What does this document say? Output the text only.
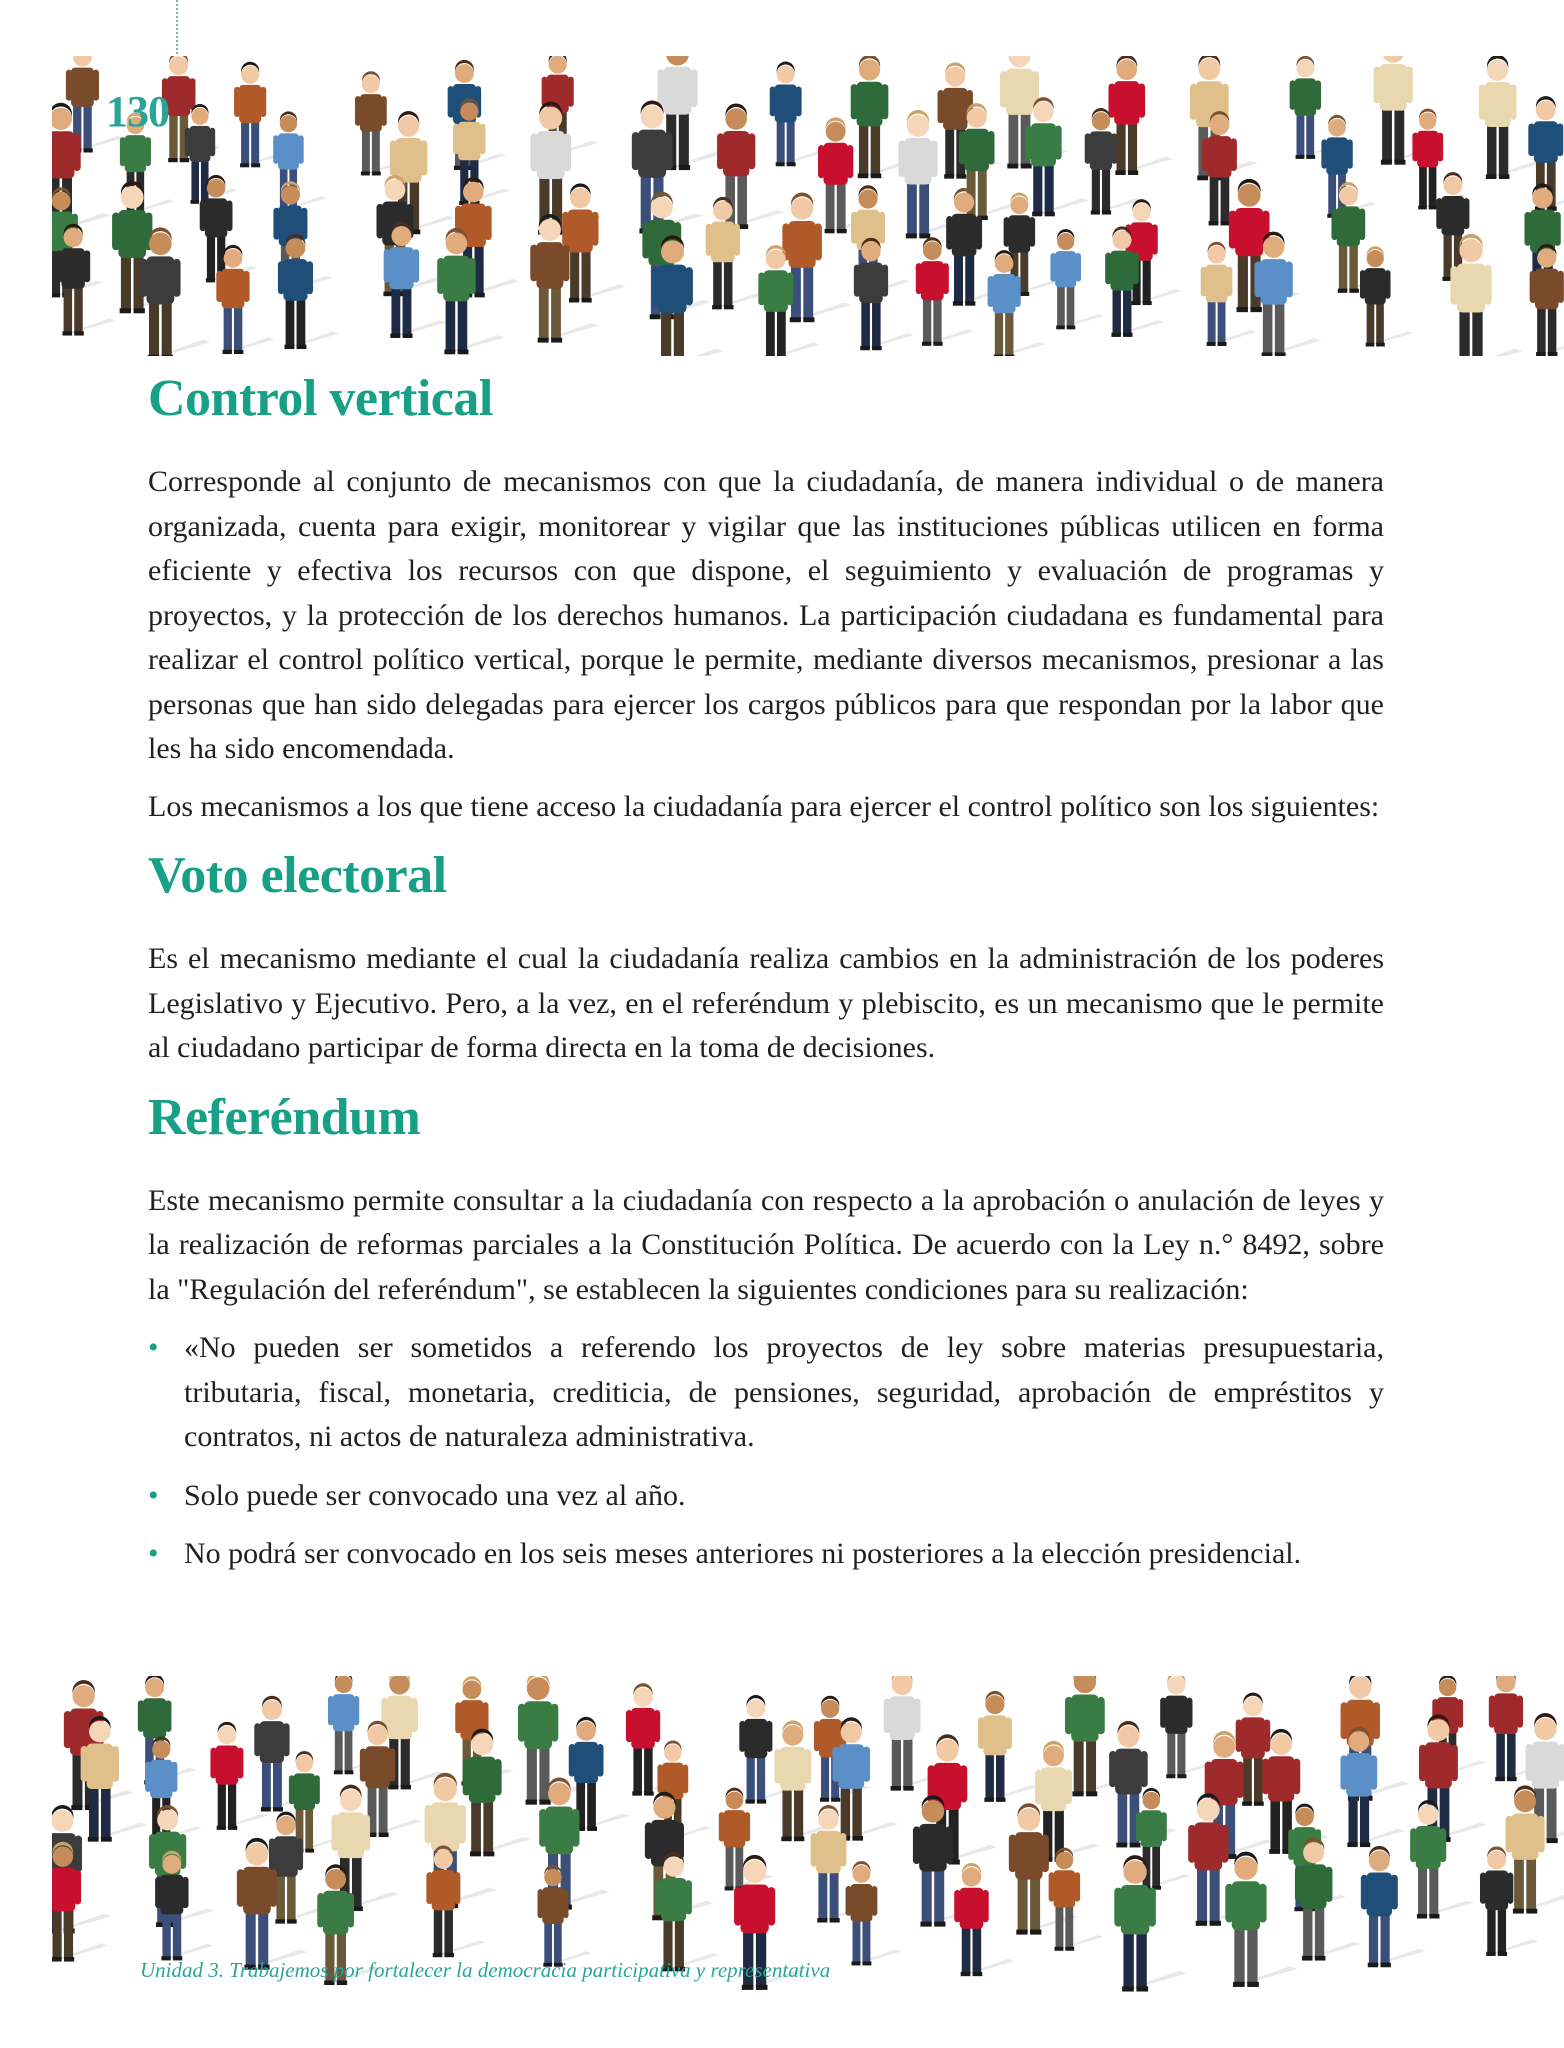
130
Control vertical

Corresponde al conjunto de mecanismos con que la ciudadanía, de manera individual o de manera organizada, cuenta para exigir, monitorear y vigilar que las instituciones públicas utilicen en forma eficiente y efectiva los recursos con que dispone, el seguimiento y evaluación de programas y proyectos, y la protección de los derechos humanos. La participación ciudadana es fundamental para realizar el control político vertical, porque le permite, mediante diversos mecanismos, presionar a las personas que han sido delegadas para ejercer los cargos públicos para que respondan por la labor que les ha sido encomendada.

Los mecanismos a los que tiene acceso la ciudadanía para ejercer el control político son los siguientes:

Voto electoral

Es el mecanismo mediante el cual la ciudadanía realiza cambios en la administración de los poderes Legislativo y Ejecutivo. Pero, a la vez, en el referéndum y plebiscito, es un mecanismo que le permite al ciudadano participar de forma directa en la toma de decisiones.

Referéndum

Este mecanismo permite consultar a la ciudadanía con respecto a la aprobación o anulación de leyes y la realización de reformas parciales a la Constitución Política. De acuerdo con la Ley n.° 8492, sobre la "Regulación del referéndum", se establecen la siguientes condiciones para su realización:

• «No pueden ser sometidos a referendo los proyectos de ley sobre materias presupuestaria, tributaria, fiscal, monetaria, crediticia, de pensiones, seguridad, aprobación de empréstitos y contratos, ni actos de naturaleza administrativa.
• Solo puede ser convocado una vez al año.
• No podrá ser convocado en los seis meses anteriores ni posteriores a la elección presidencial.
Unidad 3. Trabajemos por fortalecer la democracia participativa y representativa
